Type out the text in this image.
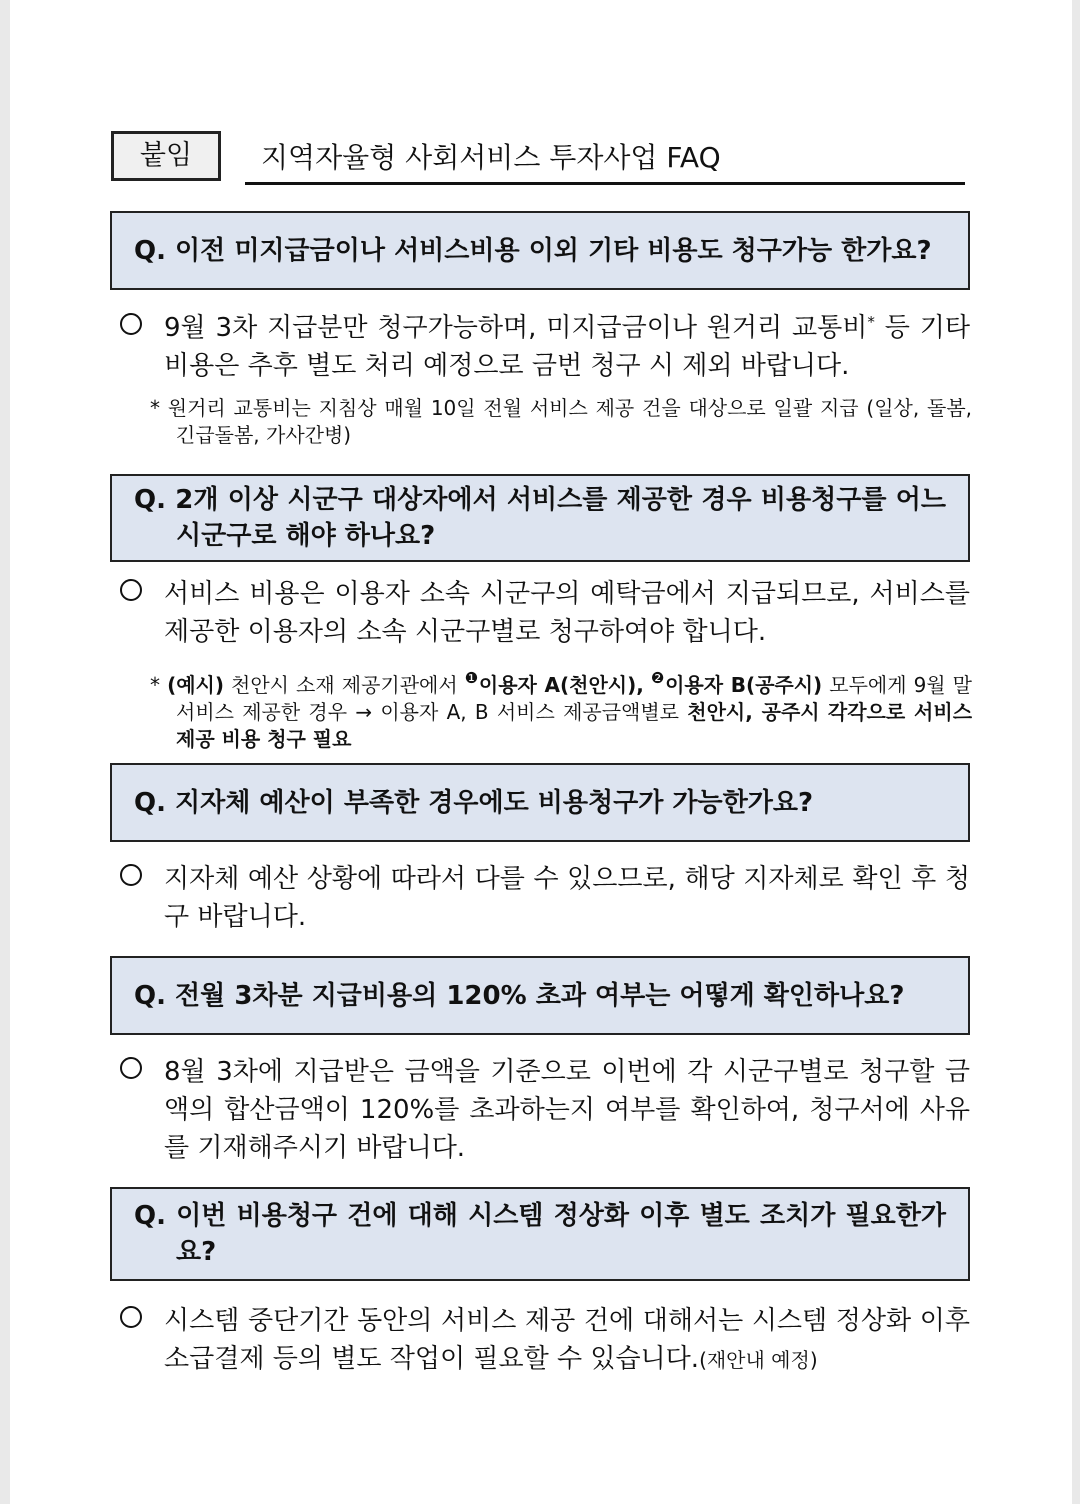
붙임	지역자율형 사회서비스 투자사업 FAQ
Q. 이전 미지급금이나 서비스비용 이외 기타 비용도 청구가능 한가요?
9월 3차 지급분만 청구가능하며, 미지급금이나 원거리 교통비* 등 기타비용은 추후 별도 처리 예정으로 금번 청구 시 제외 바랍니다.
* 원거리 교통비는 지침상 매월 10일 전월 서비스 제공 건을 대상으로 일괄 지급 (일상, 돌봄, 긴급돌봄, 가사간병)
Q. 2개 이상 시군구 대상자에서 서비스를 제공한 경우 비용청구를 어느 시군구로 해야 하나요?
서비스 비용은 이용자 소속 시군구의 예탁금에서 지급되므로, 서비스를 제공한 이용자의 소속 시군구별로 청구하여야 합니다.
* (예시) 천안시 소재 제공기관에서 $^❶$이용자 A(천안시), $^❷$이용자 B(공주시) 모두에게 9월 말 서비스 제공한 경우 → 이용자 A, B 서비스 제공금액별로 천안시, 공주시 각각으로 서비스 제공 비용 청구 필요
Q. 지자체 예산이 부족한 경우에도 비용청구가 가능한가요?
지자체 예산 상황에 따라서 다를 수 있으므로, 해당 지자체로 확인 후 청구 바랍니다.
Q. 전월 3차분 지급비용의 120% 초과 여부는 어떻게 확인하나요?
8월 3차에 지급받은 금액을 기준으로 이번에 각 시군구별로 청구할 금액의 합산금액이 120%를 초과하는지 여부를 확인하여, 청구서에 사유를 기재해주시기 바랍니다.
Q. 이번 비용청구 건에 대해 시스템 정상화 이후 별도 조치가 필요한가요?
시스템 중단기간 동안의 서비스 제공 건에 대해서는 시스템 정상화 이후 소급결제 등의 별도 작업이 필요할 수 있습니다.(재안내 예정)
